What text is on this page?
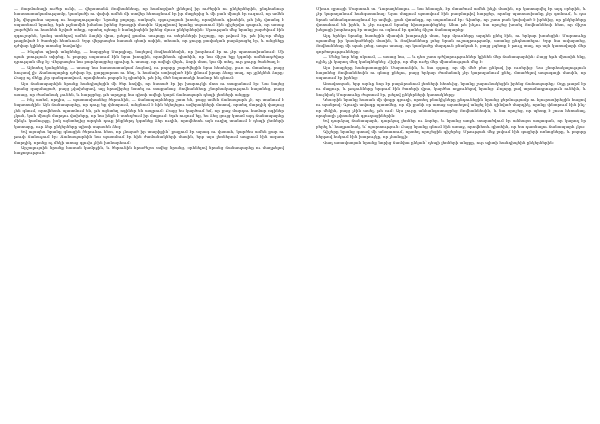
— Յարմանալի ուժեր ունի, — վերստանձ Յովհաննեսը, որ համոզված լինելով իր ուժերին ու ընկերներին, ընդհանուր հաստատակամությամբ, կասկածի ու վախի ամեն մի ստվեր հեռացնում էր իր մտքերից և մի բան միայն էր ուզում, որ ամեն ինչ վերջանա արագ ու հաջողությամբ: Նրանք բոլորը, սակայն, զգուշացան խոսել, որովհետև գիտեին, թե ինչ վտանգ է սպառնում նրանց, եթե թշնամին իմանա իրենց ծրագրի մասին: Այդպիսով նրանք սպասում էին գիշերվա գալուն, որ առաջ շարժվեն ու հասնեն նշված տեղը, որտեղ պետք է հանդիպեին իրենց մյուս ընկերներին: Մթության մեջ նրանք շարժվում էին զգուշորեն, կանգ առնելով ամեն ձայնի վրա, լսելով քամու սուլոցը ու տերևների խշշոցը, որ թվում էր, թե ինչ-որ մեկը թաքնված է ծառերի հետևում: Երբ վերջապես հասան գետի ափին, տեսան, որ ջուրը բավական բարձրացել էր, և անցնելը դժվար կլիներ առանց նավակի:

— Ինչպես պիտի անցնենք, — հարցրեց Սարգիսը, նայելով Յովհաննեսին, որ խորհում էր ու չէր պատասխանում: Մի պահ լռություն տիրեց, և բոլորը սպասում էին նրա խոսքին, որովհետև գիտեին, որ նա միշտ ելք կգտնի ամենադժվար դրության մեջ էլ: Վերջապես նա բարձրացրեց գլուխը և ասաց, որ ավելի վերև, ձորի մոտ, կա մի տեղ, ուր ջուրը ծանծաղ է:

— Այնտեղ կանցնենք, — ասաց նա հաստատակամ ձայնով, ու բոլորը շարժվեցին նրա հետևից, լուռ ու մտահոգ, բայց հույսով լի: Ճանապարհը դժվար էր, քարքարոտ ու նեղ, և հաճախ ստիպված էին լինում իրար ձեռք տալ, որ չընկնեն ձորը: Բայց ոչ մեկը չէր գանգատվում, որովհետև բոլորն էլ գիտեին, թե ինչ մեծ նպատակի համար են գնում:

Այս ճանապարհին նրանք հանդիպեցին մի ծեր հովվի, որ նստած էր իր խարույկի մոտ ու տաքանում էր: Նա նայեց նրանց զարմացած, բայց չվախեցավ, այլ հրավիրեց նստել ու տաքանալ: Յովհաննեսը շնորհակալություն հայտնեց, բայց ասաց, որ ժամանակ չունեն, և հարցրեց, թե արդյոք նա գիտի ավելի կարճ ճանապարհ դեպի լեռների անցքը:

— Ինչ ասեմ, որդիս, — պատասխանեց ծերունին, — ճանապարհները շատ են, բայց ամեն ճանապարհ չէ, որ տանում է նպատակին: Այն ճանապարհը, որ դուք եք փնտրում, անցնում է հին եկեղեցու ավերակների մոտով, որտեղ մարդիկ վաղուց չեն գնում, որովհետև պատմում են, թե այնտեղ ոգիներ են ապրում: Բայց ես կարծում եմ, որ քաջ մարդու համար ոգիներ չկան, կան միայն մարդու վախերը, որ նա ինքն է ստեղծում իր մտքում: Եթե ուզում եք, ես ձեզ ցույց կտամ այդ ճանապարհը մինչև կամուրջը, իսկ այնտեղից արդեն դուք ինքներդ կգտնեք ձեր ուղին, որովհետև այն ուղիղ տանում է դեպի լեռների կատարը, ուր ձեր ընկերները պիտի սպասեն ձեզ:

Եվ այսպես նրանք գնացին ծերունու հետ, որ չնայած իր տարիքին՝ քայլում էր արագ ու վստահ, կարծես ամեն քար ու թուփ ճանաչում էր: Ճանապարհին նա պատմում էր հին ժամանակների մասին, երբ այս լեռներում ապրում էին ազատ մարդիկ, որոնք ոչ մեկի առաջ գլուխ չէին խոնարհում:

Արշալույսին նրանք հասան կամրջին, և ծերունին հրաժեշտ տվեց նրանց, օրհնելով նրանց ճանապարհը ու մաղթելով հաջողություն:

Միուս զրուցի Մարտուն տ. Դարաղենալու — նա հնասըն, էր մտածում ամեն ինչի մասին, որ կատարվել էր այդ օրերին, և չէր կարողանում հանգստանալ: Նրա մտքում պտտվում էին բազմաթիվ հարցեր, որոնց պատասխանը չէր գտնում, և դա նրան անհանգստացնում էր ավելի, քան վտանգը, որ սպառնում էր: Գիտեր, որ շատ բան կախված է իրենից, որ ընկերները վստահում են իրեն, և չէր ուզում նրանց հիասթափեցնել: Ահա թե ինչու նա որոշեց խոսել Յովհաննեսի հետ, որ միշտ խելացի խորհուրդ էր տալիս ու օգնում էր գտնել ճիշտ ճանապարհը:

Այդ երեկո նրանք նստեցին միասին խարույկի մոտ, երբ մյուսները արդեն քնել էին, ու երկար խոսեցին: Մարտունը պատմեց իր կասկածների մասին, և Յովհաննեսը լսեց նրան ուշադրությամբ, առանց ընդհատելու: Երբ նա ավարտեց, Յովհաննեսը մի պահ լռեց, ապա ասաց, որ կասկածը մարդուն բնական է, բայց չպետք է թույլ տալ, որ այն կառավարի մեր գործողությունները:

— Մենք նոր ենք սկսում, — ասաց նա, — և դեռ շատ դժվարություններ կլինեն մեր ճանապարհին: Բայց եթե միասին ենք, ոչինչ չի կարող մեզ կանգնեցնել: Հիշիր, որ մեր ուժը մեր միասնության մեջ է:

Այս խոսքերը հանգստացրին Մարտունին, և նա զգաց, որ մի մեծ բեռ ընկավ իր ուսերից: Նա շնորհակալություն հայտնեց Յովհաննեսին ու գնաց քնելու, բայց երկար ժամանակ չէր կարողանում քնել, մտածելով ապագայի մասին, որ սպասում էր իրենց:

Առավոտյան, երբ արևը նոր էր բարձրանում լեռների հետևից, նրանք շարունակեցին իրենց ճանապարհը: Օդը թարմ էր ու մաքուր, և թռչունները երգում էին ծառերի վրա, կարծես ողջունելով նրանց: Բոլորը լավ տրամադրություն ունեին, և նույնիսկ Մարտունը ժպտում էր, լսելով ընկերների կատակները:

Կեսօրին նրանք հասան մի փոքր գյուղի, որտեղ բնակիչները ընդունեցին նրանց ջերմությամբ ու հյուրասիրեցին հացով ու պանրով: Գյուղի ավագը պատմեց, որ մի քանի օր առաջ այստեղով անցել էին զինված մարդիկ, որոնք փնտրում էին ինչ-որ մեկին, բայց չէին ասել, թե ում: Այս լուրը անհանգստացրեց Յովհաննեսին, և նա որոշեց, որ պետք է շուտ հեռանալ, որպեսզի չվտանգեն գյուղացիներին:

Եվ դարձյալ ճանապարհ, դարձյալ լեռներ ու ձորեր, և նրանց առջև տարածվում էր անհայտ ապագան, որ կարող էր բերել և՛ հաղթանակ, և՛ պարտություն: Բայց նրանք գնում էին առաջ, որովհետև գիտեին, որ ետ դառնալու ճանապարհ չկա:

Գիշերը նրանց գտավ մի անտառում, որտեղ որոշեցին գիշերել: Մթության մեջ լսվում էին գայլերի ոռնոցները, և բոլորը հերթով հսկում էին խարույկը, որ չհանգչի:

Վաղ առավոտյան նրանք նորից ճամփա ընկան՝ դեպի լեռների անցքը, ուր պիտի հանդիպեին ընկերներին:
